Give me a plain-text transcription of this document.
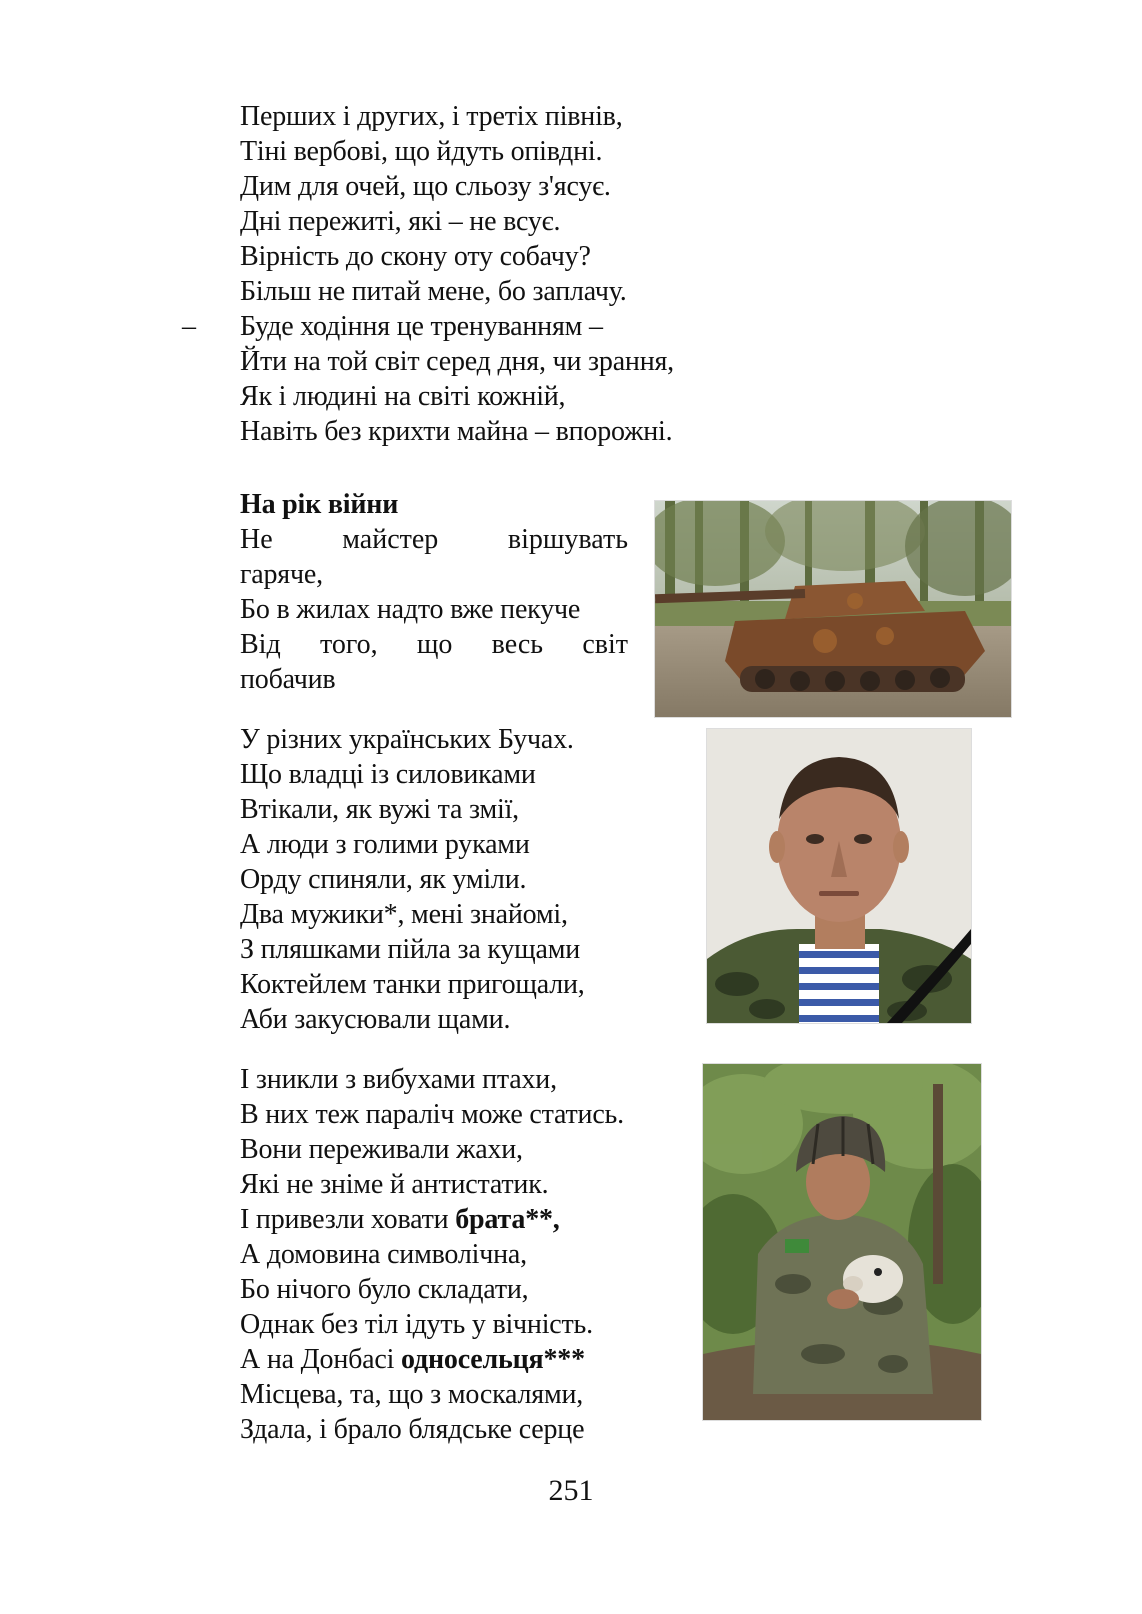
Перших і других, і третіх півнів,
Тіні вербові, що йдуть опівдні.
Дим для очей, що сльозу з'ясує.
Дні пережиті, які – не всує.
Вірність до скону оту собачу?
Більш не питай мене, бо заплачу.
– Буде ходіння це тренуванням –
Йти на той світ серед дня, чи зрання,
Як і людині на світі кожній,
Навіть без крихти майна – впорожні.
На рік війни
Не майстер віршувать
гаряче,
Бо в жилах надто вже пекуче
Від того, що весь світ
побачив
У різних українських Бучах.
Що владці із силовиками
Втікали, як вужі та змії,
А люди з голими руками
Орду спиняли, як уміли.
Два мужики*, мені знайомі,
З пляшками пійла за кущами
Коктейлем танки пригощали,
Аби закусювали щами.
І зникли з вибухами птахи,
В них теж параліч може статись.
Вони переживали жахи,
Які не зніме й антистатик.
І привезли ховати брата**,
А домовина символічна,
Бо нічого було складати,
Однак без тіл ідуть у вічність.
А на Донбасі односельця***
Місцева, та, що з москалями,
Здала, і брало блядське серце
251
